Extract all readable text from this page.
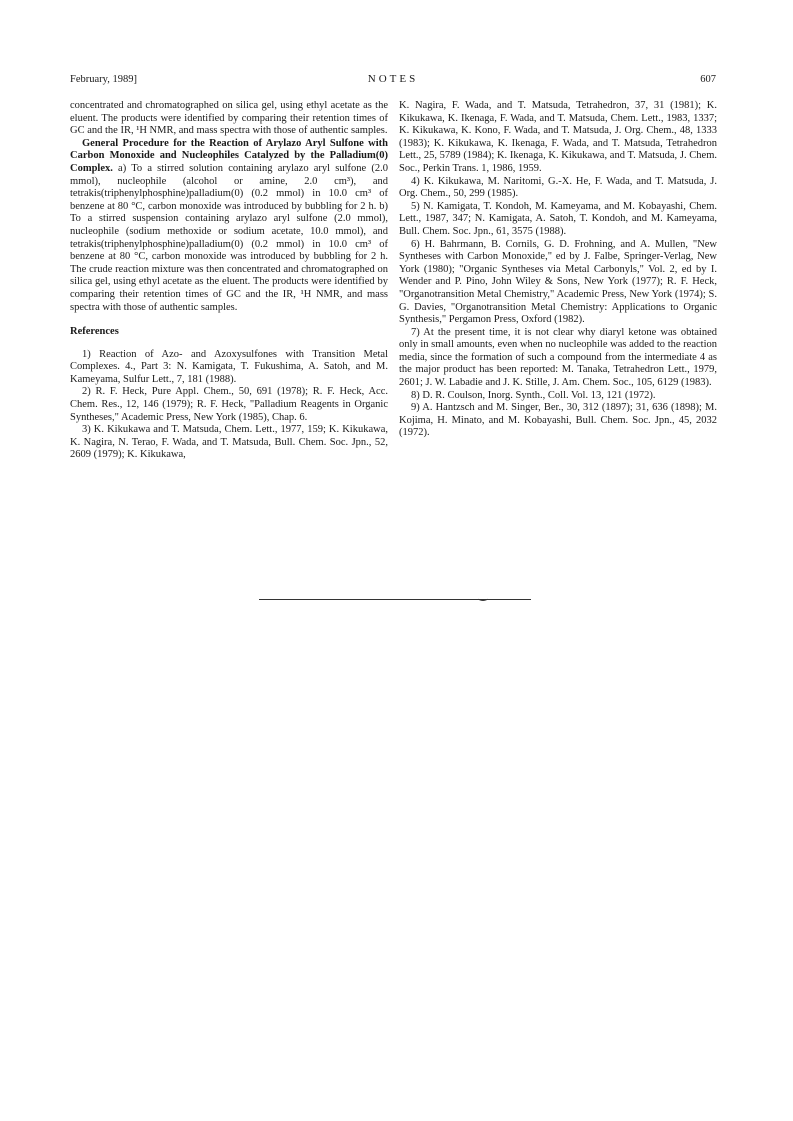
February, 1989]	NOTES	607

concentrated and chromatographed on silica gel, using ethyl acetate as the eluent. The products were identified by comparing their retention times of GC and the IR, ¹H NMR, and mass spectra with those of authentic samples.

General Procedure for the Reaction of Arylazo Aryl Sulfone with Carbon Monoxide and Nucleophiles Catalyzed by the Palladium(0) Complex. a) To a stirred solution containing arylazo aryl sulfone (2.0 mmol), nucleophile (alcohol or amine, 2.0 cm³), and tetrakis(triphenylphosphine)palladium(0) (0.2 mmol) in 10.0 cm³ of benzene at 80 °C, carbon monoxide was introduced by bubbling for 2 h. b) To a stirred suspension containing arylazo aryl sulfone (2.0 mmol), nucleophile (sodium methoxide or sodium acetate, 10.0 mmol), and tetrakis(triphenylphosphine)palladium(0) (0.2 mmol) in 10.0 cm³ of benzene at 80 °C, carbon monoxide was introduced by bubbling for 2 h. The crude reaction mixture was then concentrated and chromatographed on silica gel, using ethyl acetate as the eluent. The products were identified by comparing their retention times of GC and the IR, ¹H NMR, and mass spectra with those of authentic samples.

References

1) Reaction of Azo- and Azoxysulfones with Transition Metal Complexes. 4., Part 3: N. Kamigata, T. Fukushima, A. Satoh, and M. Kameyama, Sulfur Lett., 7, 181 (1988).

2) R. F. Heck, Pure Appl. Chem., 50, 691 (1978); R. F. Heck, Acc. Chem. Res., 12, 146 (1979); R. F. Heck, "Palladium Reagents in Organic Syntheses," Academic Press, New York (1985), Chap. 6.

3) K. Kikukawa and T. Matsuda, Chem. Lett., 1977, 159; K. Kikukawa, K. Nagira, N. Terao, F. Wada, and T. Matsuda, Bull. Chem. Soc. Jpn., 52, 2609 (1979); K. Kikukawa,

K. Nagira, F. Wada, and T. Matsuda, Tetrahedron, 37, 31 (1981); K. Kikukawa, K. Ikenaga, F. Wada, and T. Matsuda, Chem. Lett., 1983, 1337; K. Kikukawa, K. Kono, F. Wada, and T. Matsuda, J. Org. Chem., 48, 1333 (1983); K. Kikukawa, K. Ikenaga, F. Wada, and T. Matsuda, Tetrahedron Lett., 25, 5789 (1984); K. Ikenaga, K. Kikukawa, and T. Matsuda, J. Chem. Soc., Perkin Trans. 1, 1986, 1959.

4) K. Kikukawa, M. Naritomi, G.-X. He, F. Wada, and T. Matsuda, J. Org. Chem., 50, 299 (1985).

5) N. Kamigata, T. Kondoh, M. Kameyama, and M. Kobayashi, Chem. Lett., 1987, 347; N. Kamigata, A. Satoh, T. Kondoh, and M. Kameyama, Bull. Chem. Soc. Jpn., 61, 3575 (1988).

6) H. Bahrmann, B. Cornils, G. D. Frohning, and A. Mullen, "New Syntheses with Carbon Monoxide," ed by J. Falbe, Springer-Verlag, New York (1980); "Organic Syntheses via Metal Carbonyls," Vol. 2, ed by I. Wender and P. Pino, John Wiley & Sons, New York (1977); R. F. Heck, "Organotransition Metal Chemistry," Academic Press, New York (1974); S. G. Davies, "Organotransition Metal Chemistry: Applications to Organic Synthesis," Pergamon Press, Oxford (1982).

7) At the present time, it is not clear why diaryl ketone was obtained only in small amounts, even when no nucleophile was added to the reaction media, since the formation of such a compound from the intermediate 4 as the major product has been reported: M. Tanaka, Tetrahedron Lett., 1979, 2601; J. W. Labadie and J. K. Stille, J. Am. Chem. Soc., 105, 6129 (1983).

8) D. R. Coulson, Inorg. Synth., Coll. Vol. 13, 121 (1972).

9) A. Hantzsch and M. Singer, Ber., 30, 312 (1897); 31, 636 (1898); M. Kojima, H. Minato, and M. Kobayashi, Bull. Chem. Soc. Jpn., 45, 2032 (1972).
